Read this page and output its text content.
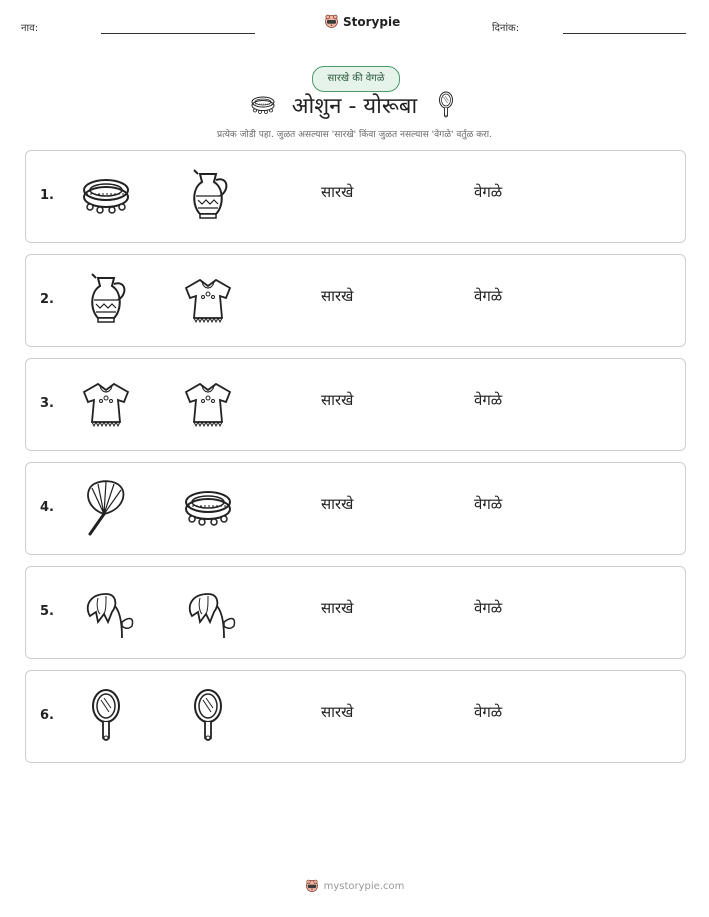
नाव:	Storypie	दिनांक:
सारखे की वेगळे
ओशुन - योरूबा
प्रत्येक जोडी पहा. जुळत असल्यास 'सारखे' किंवा जुळत नसल्यास 'वेगळे' वर्तुळ करा.
1.	सारखे	वेगळे
2.	सारखे	वेगळे
3.	सारखे	वेगळे
4.	सारखे	वेगळे
5.	सारखे	वेगळे
6.	सारखे	वेगळे
mystorypie.com
